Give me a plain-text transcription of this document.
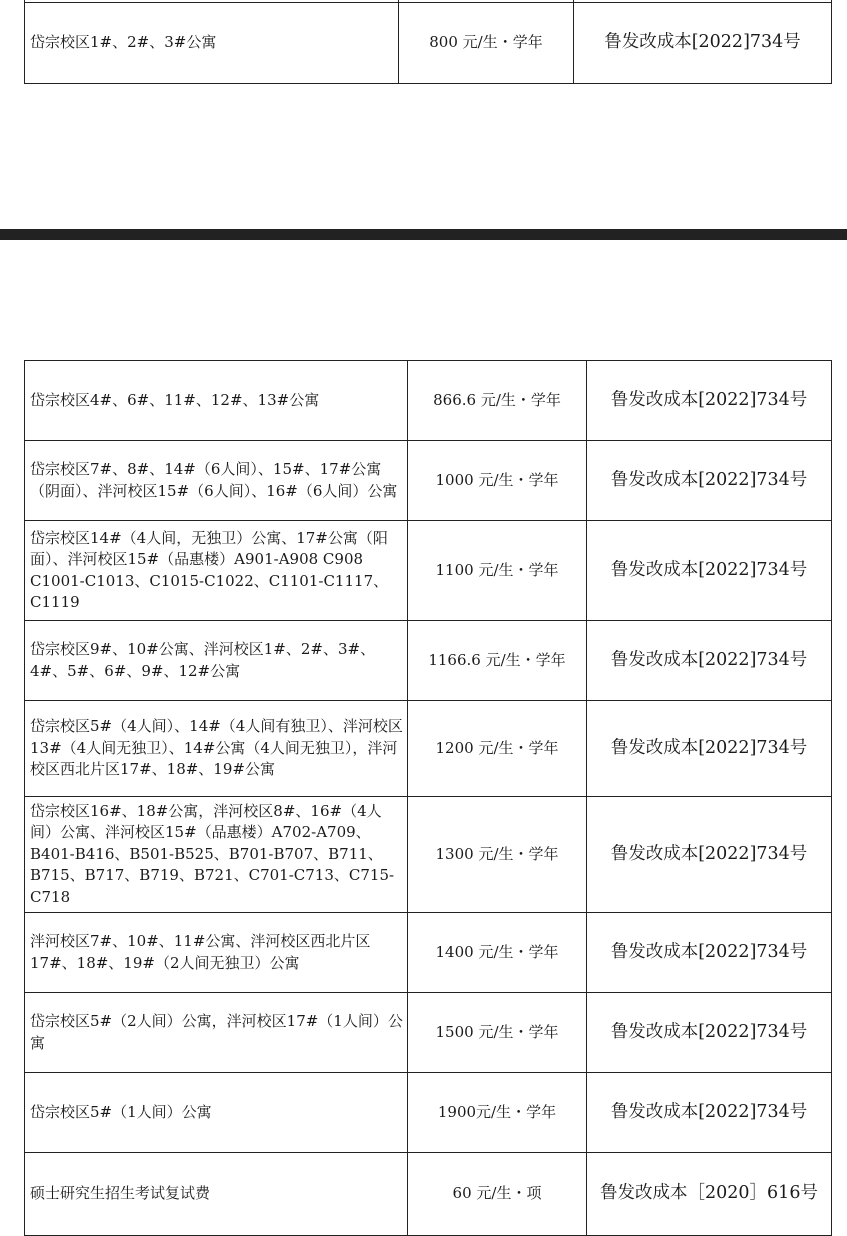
岱宗校区1#、2#、3#公寓	800 元/生・学年	鲁发改成本[2022]734号
岱宗校区4#、6#、11#、12#、13#公寓	866.6 元/生・学年	鲁发改成本[2022]734号
岱宗校区7#、8#、14#（6人间）、15#、17#公寓（阴面）、泮河校区15#（6人间）、16#（6人间）公寓	1000 元/生・学年	鲁发改成本[2022]734号
岱宗校区14#（4人间，无独卫）公寓、17#公寓（阳面）、泮河校区15#（品惠楼）A901-A908 C908 C1001-C1013、C1015-C1022、C1101-C1117、C1119	1100 元/生・学年	鲁发改成本[2022]734号
岱宗校区9#、10#公寓、泮河校区1#、2#、3#、4#、5#、6#、9#、12#公寓	1166.6 元/生・学年	鲁发改成本[2022]734号
岱宗校区5#（4人间）、14#（4人间有独卫）、泮河校区13#（4人间无独卫）、14#公寓（4人间无独卫），泮河校区西北片区17#、18#、19#公寓	1200 元/生・学年	鲁发改成本[2022]734号
岱宗校区16#、18#公寓，泮河校区8#、16#（4人间）公寓、泮河校区15#（品惠楼）A702-A709、B401-B416、B501-B525、B701-B707、B711、B715、B717、B719、B721、C701-C713、C715-C718	1300 元/生・学年	鲁发改成本[2022]734号
泮河校区7#、10#、11#公寓、泮河校区西北片区17#、18#、19#（2人间无独卫）公寓	1400 元/生・学年	鲁发改成本[2022]734号
岱宗校区5#（2人间）公寓，泮河校区17#（1人间）公寓	1500 元/生・学年	鲁发改成本[2022]734号
岱宗校区5#（1人间）公寓	1900元/生・学年	鲁发改成本[2022]734号
硕士研究生招生考试复试费	60 元/生・项	鲁发改成本［2020］616号
